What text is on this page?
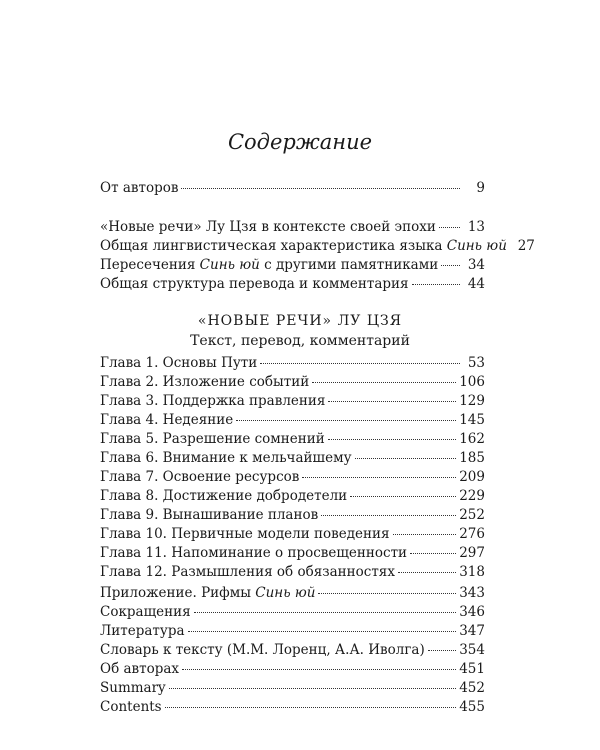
Содержание
От авторов	9
«Новые речи» Лу Цзя в контексте своей эпохи	13
Общая лингвистическая характеристика языка Синь юй 27
Пересечения Синь юй с другими памятниками	34
Общая структура перевода и комментария	44
«НОВЫЕ РЕЧИ» ЛУ ЦЗЯ
Текст, перевод, комментарий
Глава 1. Основы Пути	53
Глава 2. Изложение событий	106
Глава 3. Поддержка правления	129
Глава 4. Недеяние	145
Глава 5. Разрешение сомнений	162
Глава 6. Внимание к мельчайшему	185
Глава 7. Освоение ресурсов	209
Глава 8. Достижение добродетели	229
Глава 9. Вынашивание планов	252
Глава 10. Первичные модели поведения	276
Глава 11. Напоминание о просвещенности	297
Глава 12. Размышления об обязанностях	318
Приложение. Рифмы Синь юй	343
Сокращения	346
Литература	347
Словарь к тексту (М.М. Лоренц, А.А. Иволга)	354
Об авторах	451
Summary	452
Contents	455
